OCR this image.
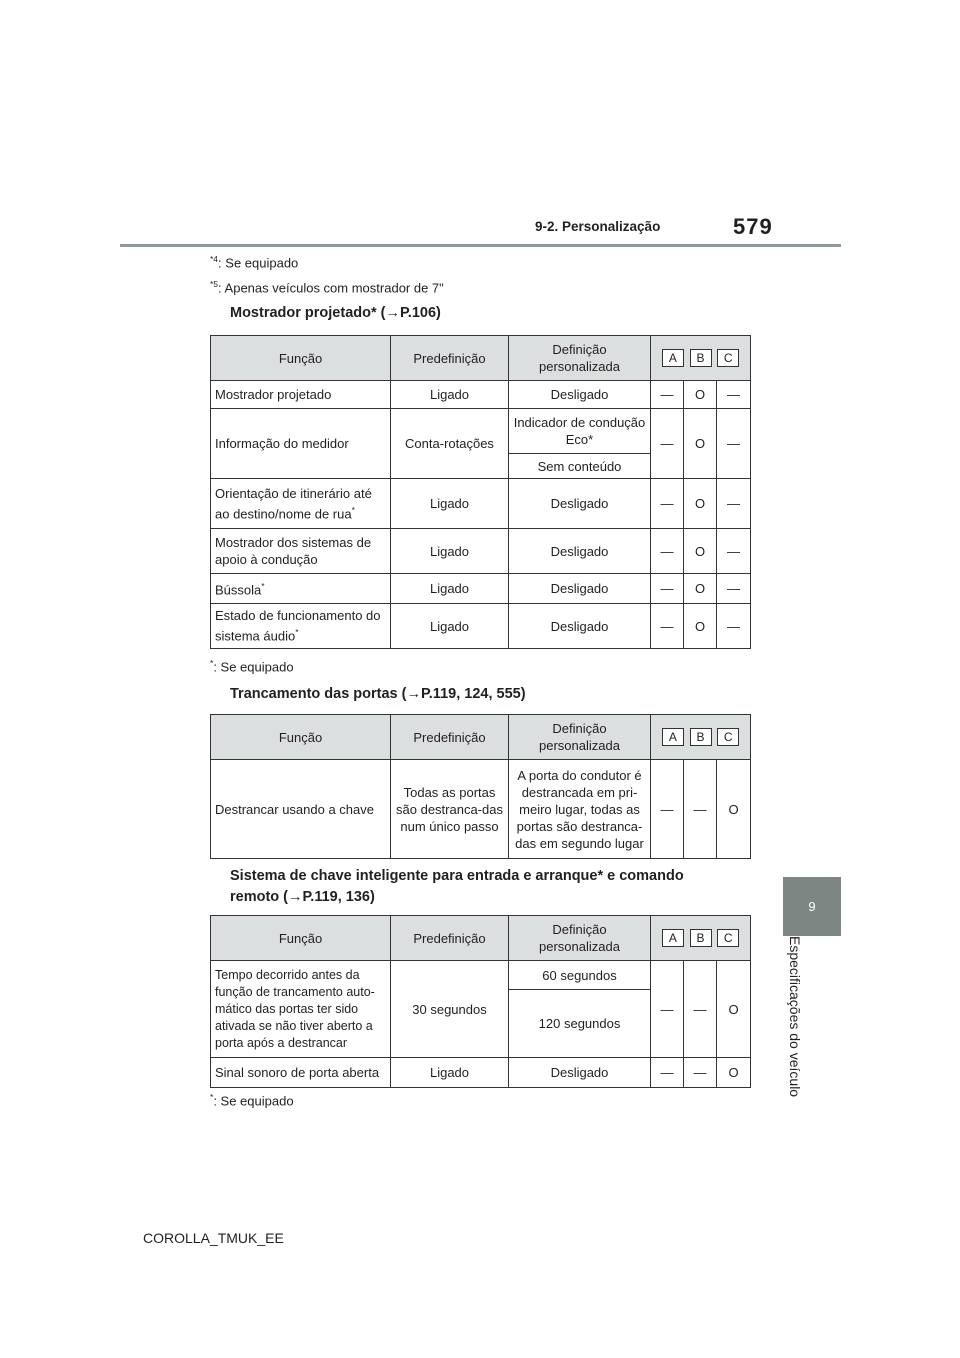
9-2. Personalização	579
9
Especificações do veículo
$^{*4}$: Se equipado
$^{*5}$: Apenas veículos com mostrador de 7"
Mostrador projetado* (→P.106)
Função	Predefinição	Definição personalizada	A B C		

Mostrador projetado	Ligado	Desligado	—	O	—
Informação do medidor	Conta-rotações	Indicador de condução Eco*	—	O	—
		Sem conteúdo			
Orientação de itinerário até ao destino/nome de rua*	Ligado	Desligado	—	O	—
Mostrador dos sistemas de apoio à condução	Ligado	Desligado	—	O	—
Bússola*	Ligado	Desligado	—	O	—
Estado de funcionamento do sistema áudio*	Ligado	Desligado	—	O	—
*: Se equipado
Trancamento das portas (→P.119, 124, 555)
Função	Predefinição	Definição personalizada	A B C		

Destrancar usando a chave	Todas as portas são destranca-das num único passo	A porta do condutor é destrancada em pri-meiro lugar, todas as portas são destranca-das em segundo lugar	—	—	O
Sistema de chave inteligente para entrada e arranque* e comando
remoto (→P.119, 136)
Função	Predefinição	Definição personalizada	A B C		

Tempo decorrido antes da função de trancamento auto-mático das portas ter sido ativada se não tiver aberto a porta após a destrancar	30 segundos	60 segundos	—	—	O
		120 segundos			
Sinal sonoro de porta aberta	Ligado	Desligado	—	—	O
*: Se equipado
COROLLA_TMUK_EE
